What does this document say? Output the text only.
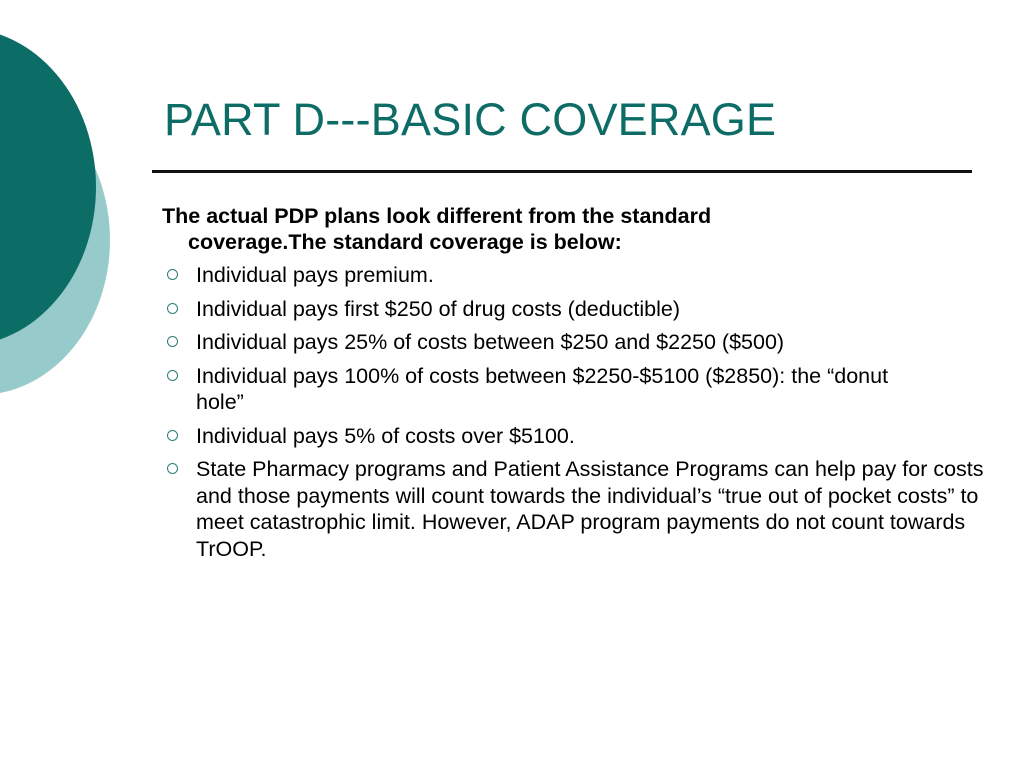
PART D---BASIC COVERAGE

The actual PDP plans look different from the standard
coverage.The standard coverage is below:

Individual pays premium.
Individual pays first $250 of drug costs (deductible)
Individual pays 25% of costs between $250 and $2250 ($500)
Individual pays 100% of costs between $2250-$5100 ($2850): the “donut hole”
Individual pays 5% of costs over $5100.
State Pharmacy programs and Patient Assistance Programs can help pay for costs and those payments will count towards the individual’s “true out of pocket costs” to meet catastrophic limit. However, ADAP program payments do not count towards TrOOP.
